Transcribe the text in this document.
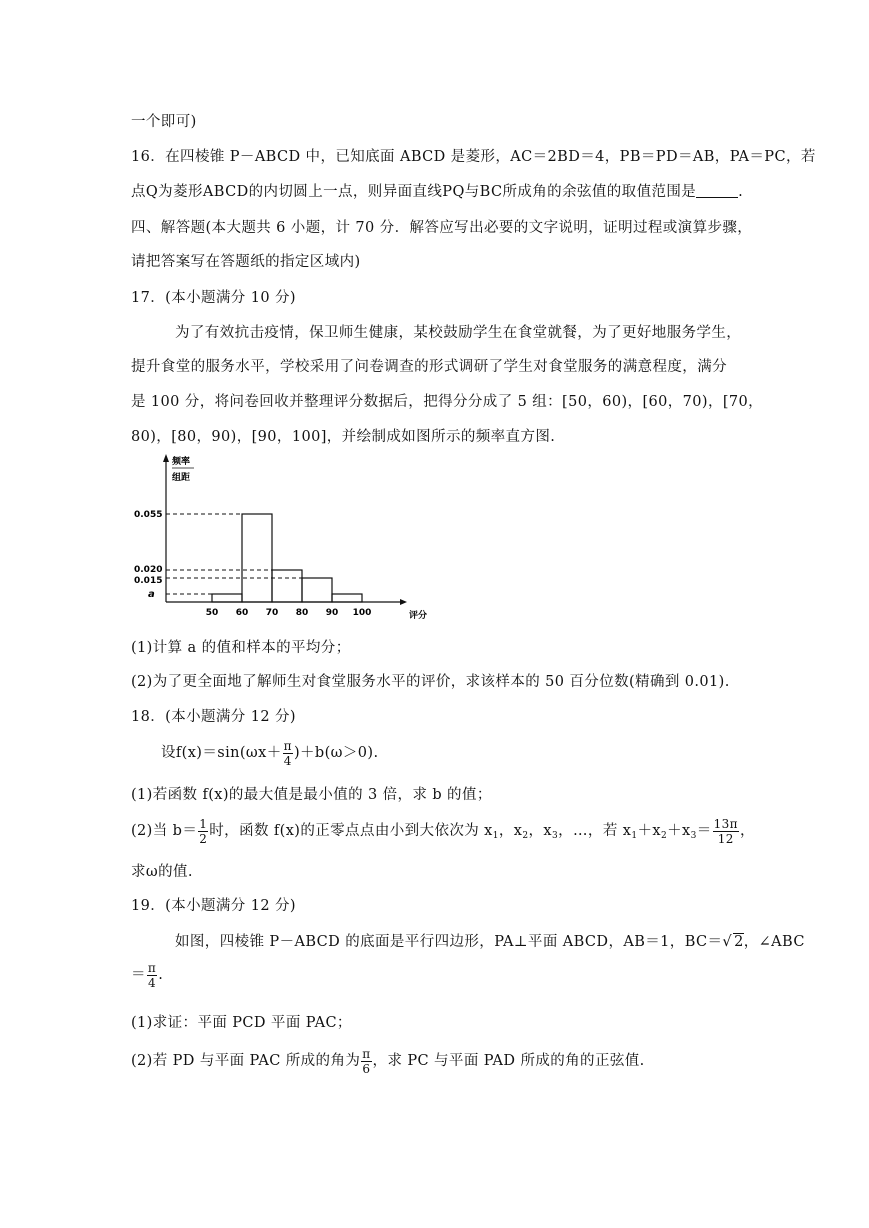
一个即可)
16．在四棱锥 P－ABCD 中，已知底面 ABCD 是菱形，AC＝2BD＝4，PB＝PD＝AB，PA＝PC，若
点Q为菱形ABCD的内切圆上一点，则异面直线PQ与BC所成角的余弦值的取值范围是	.
四、解答题(本大题共 6 小题，计 70 分．解答应写出必要的文字说明，证明过程或演算步骤，
请把答案写在答题纸的指定区域内)
17．(本小题满分 10 分)
为了有效抗击疫情，保卫师生健康，某校鼓励学生在食堂就餐，为了更好地服务学生，
提升食堂的服务水平，学校采用了问卷调查的形式调研了学生对食堂服务的满意程度，满分
是 100 分，将问卷回收并整理评分数据后，把得分分成了 5 组：[50，60)，[60，70)，[70，
80)，[80，90)，[90，100]，并绘制成如图所示的频率直方图.
频率
组距
0.055
0.020
0.015
a
50 60 70 80 90 100	评分
(1)计算 a 的值和样本的平均分；
(2)为了更全面地了解师生对食堂服务水平的评价，求该样本的 50 百分位数(精确到 0.01).
18．(本小题满分 12 分)
设$f(x)=\sin(\omega x+ \frac{\pi}{4} )+b(\omega>0)$.
(1)若函数 f(x)的最大值是最小值的 3 倍，求 b 的值；
(2)当 $b= \frac{1}{2}$ 时，函数 f(x)的正零点点由小到大依次为 $x_1$，$x_2$，$x_3$，…，若 $x_1+x_2+x_3= \frac{13\pi}{12}$ ，
求ω的值.
19．(本小题满分 12 分)
如图，四棱锥 P－ABCD 的底面是平行四边形，PA⊥平面 ABCD，AB＝1，BC＝√ 2，∠ABC
＝ $\frac{\pi}{4}$ .
(1)求证：平面 PCD 平面 PAC；
(2)若 PD 与平面 PAC 所成的角为 $\frac{\pi}{6}$ ，求 PC 与平面 PAD 所成的角的正弦值.
